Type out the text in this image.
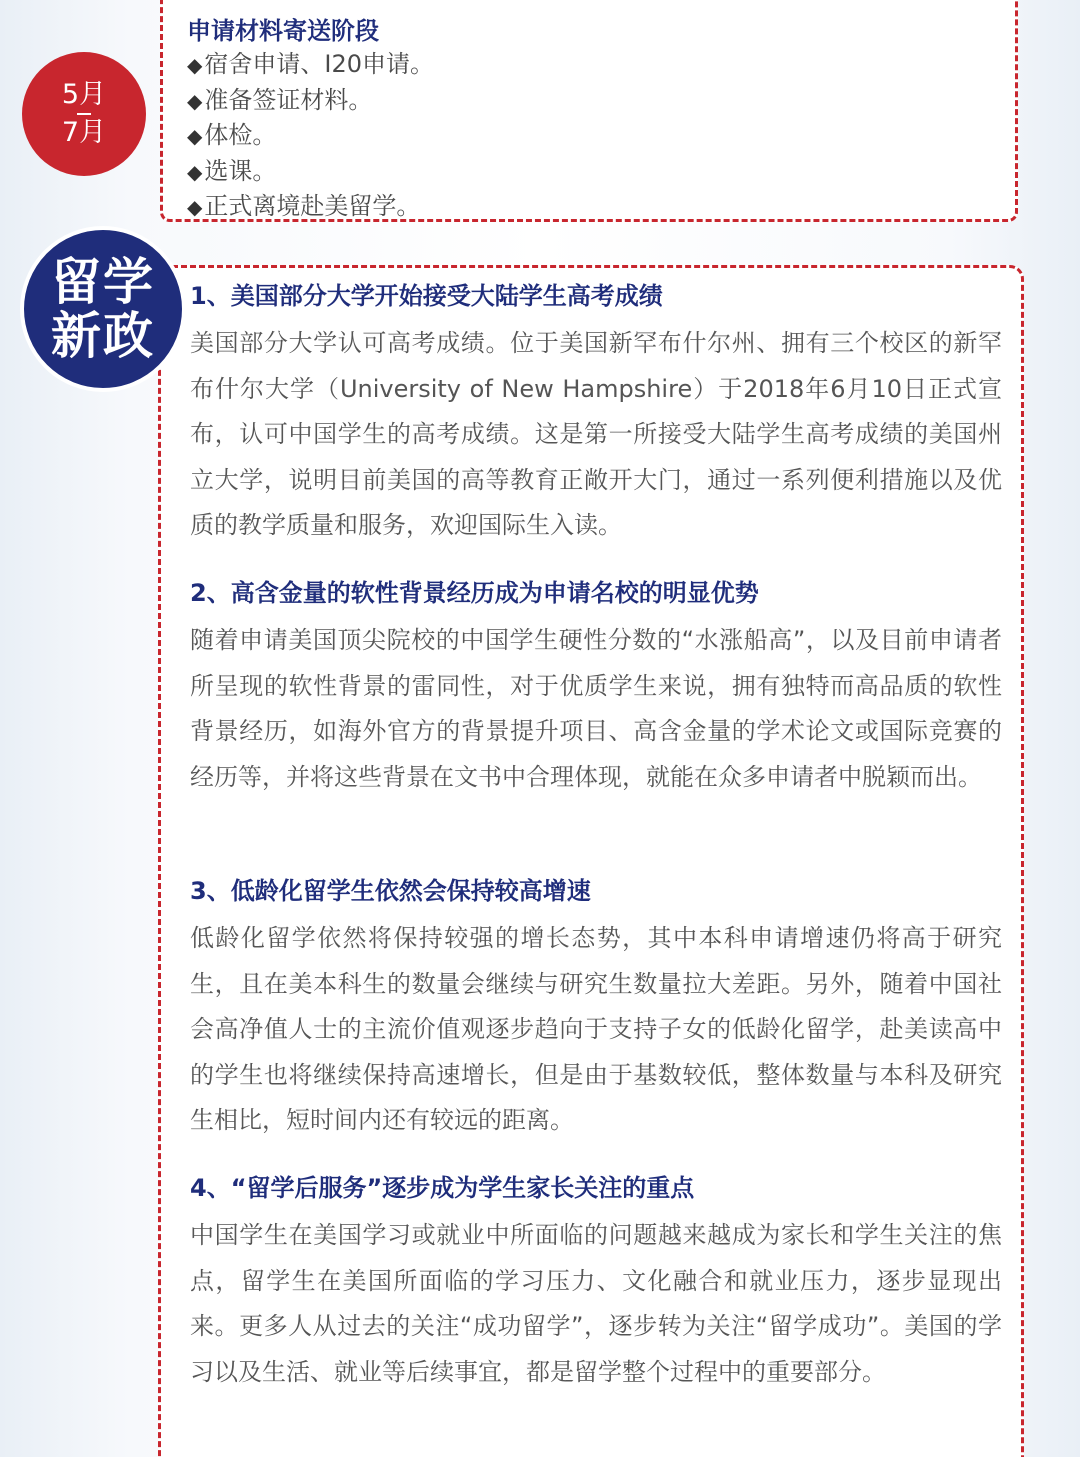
申请材料寄送阶段
◆宿舍申请、I20申请。
◆准备签证材料。
◆体检。
◆选课。
◆正式离境赴美留学。
5月
7月
留学
新政
1、美国部分大学开始接受大陆学生高考成绩

美国部分大学认可高考成绩。位于美国新罕布什尔州、拥有三个校区的新罕布什尔大学（University of New Hampshire）于2018年6月10日正式宣布，认可中国学生的高考成绩。这是第一所接受大陆学生高考成绩的美国州立大学，说明目前美国的高等教育正敞开大门，通过一系列便利措施以及优质的教学质量和服务，欢迎国际生入读。

2、高含金量的软性背景经历成为申请名校的明显优势

随着申请美国顶尖院校的中国学生硬性分数的“水涨船高”，以及目前申请者所呈现的软性背景的雷同性，对于优质学生来说，拥有独特而高品质的软性背景经历，如海外官方的背景提升项目、高含金量的学术论文或国际竞赛的经历等，并将这些背景在文书中合理体现，就能在众多申请者中脱颖而出。

3、低龄化留学生依然会保持较高增速

低龄化留学依然将保持较强的增长态势，其中本科申请增速仍将高于研究生，且在美本科生的数量会继续与研究生数量拉大差距。另外，随着中国社会高净值人士的主流价值观逐步趋向于支持子女的低龄化留学，赴美读高中的学生也将继续保持高速增长，但是由于基数较低，整体数量与本科及研究生相比，短时间内还有较远的距离。

4、“留学后服务”逐步成为学生家长关注的重点

中国学生在美国学习或就业中所面临的问题越来越成为家长和学生关注的焦点，留学生在美国所面临的学习压力、文化融合和就业压力，逐步显现出来。更多人从过去的关注“成功留学”，逐步转为关注“留学成功”。美国的学习以及生活、就业等后续事宜，都是留学整个过程中的重要部分。
